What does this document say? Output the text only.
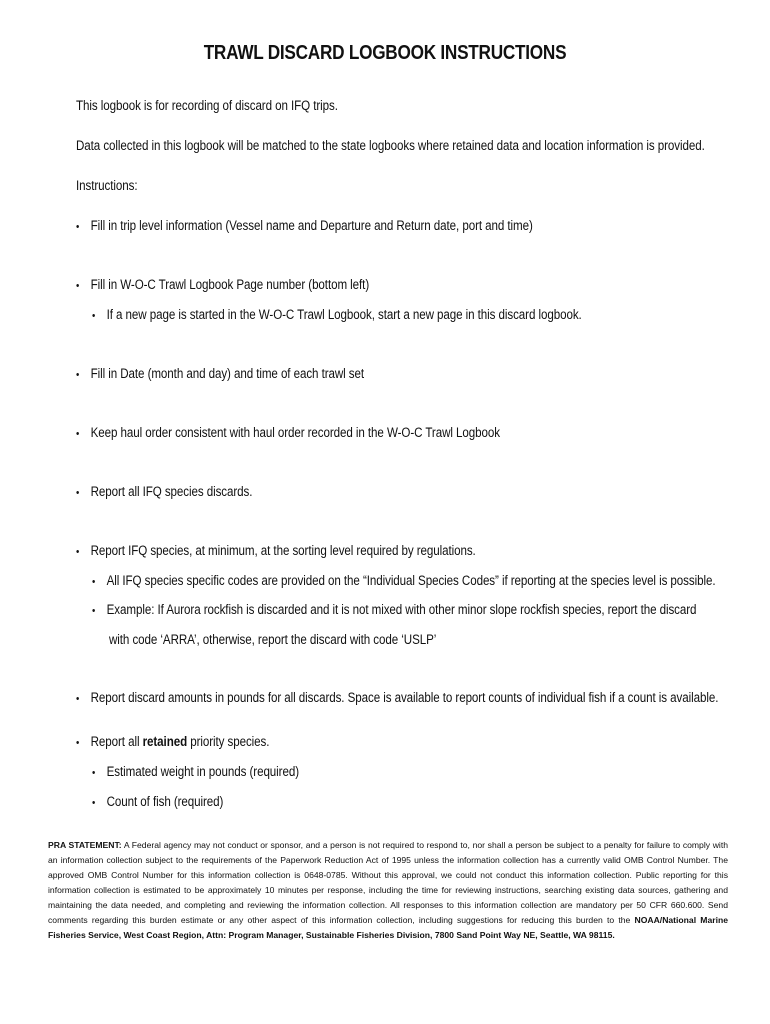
TRAWL DISCARD LOGBOOK INSTRUCTIONS
This logbook is for recording of discard on IFQ trips.
Data collected in this logbook will be matched to the state logbooks where retained data and location information is provided.
Instructions:
• Fill in trip level information (Vessel name and Departure and Return date, port and time)
• Fill in W-O-C Trawl Logbook Page number (bottom left)
• If a new page is started in the W-O-C Trawl Logbook, start a new page in this discard logbook.
• Fill in Date (month and day) and time of each trawl set
• Keep haul order consistent with haul order recorded in the W-O-C Trawl Logbook
• Report all IFQ species discards.
• Report IFQ species, at minimum, at the sorting level required by regulations.
• All IFQ species specific codes are provided on the “Individual Species Codes” if reporting at the species level is possible.
• Example: If Aurora rockfish is discarded and it is not mixed with other minor slope rockfish species, report the discard
with code ‘ARRA’, otherwise, report the discard with code ‘USLP’
• Report discard amounts in pounds for all discards. Space is available to report counts of individual fish if a count is available.
• Report all retained priority species.
• Estimated weight in pounds (required)
• Count of fish (required)
PRA STATEMENT: A Federal agency may not conduct or sponsor, and a person is not required to respond to, nor shall a person be subject to a penalty for failure to comply with an information collection subject to the requirements of the Paperwork Reduction Act of 1995 unless the information collection has a currently valid OMB Control Number. The approved OMB Control Number for this information collection is 0648-0785. Without this approval, we could not conduct this information collection. Public reporting for this information collection is estimated to be approximately 10 minutes per response, including the time for reviewing instructions, searching existing data sources, gathering and maintaining the data needed, and completing and reviewing the information collection. All responses to this information collection are mandatory per 50 CFR 660.600. Send comments regarding this burden estimate or any other aspect of this information collection, including suggestions for reducing this burden to the NOAA/National Marine Fisheries Service, West Coast Region, Attn: Program Manager, Sustainable Fisheries Division, 7800 Sand Point Way NE, Seattle, WA 98115.
